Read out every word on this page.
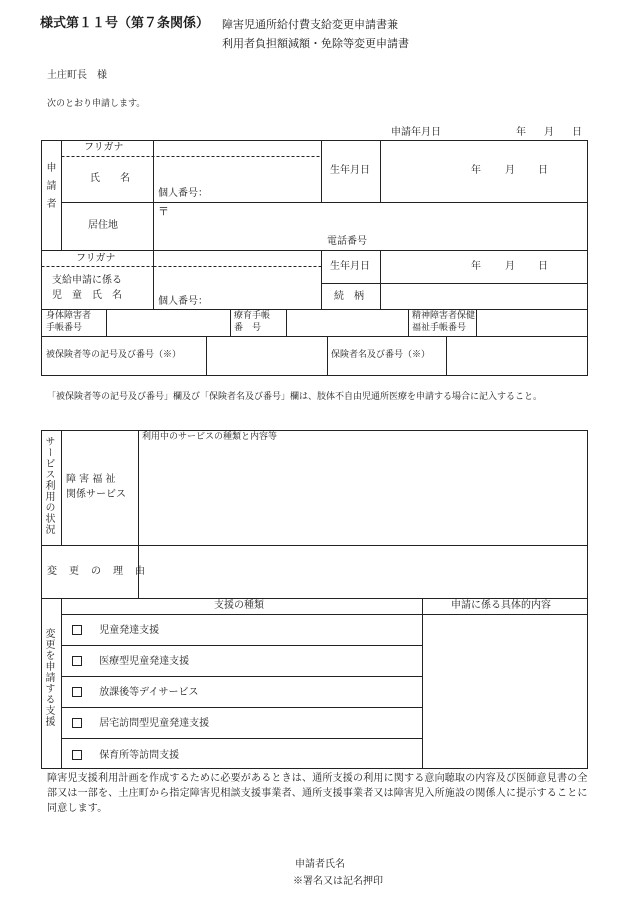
様式第１１号（第７条関係） 障害児通所給付費支給変更申請書兼
利用者負担額減額・免除等変更申請書
土庄町長　様
次のとおり申請します。
申請年月日	年 月 日
申請者
フリガナ
氏　　名
個人番号：
生年月日	年 月 日
居住地
〒
電話番号
フリガナ
支給申請に係る
児　童　氏　名
個人番号：
生年月日	年 月 日
続　柄
身体障害者
手帳番号
療育手帳
番　号
精神障害者保健
福祉手帳番号
被保険者等の記号及び番号（※）	保険者名及び番号（※）
「被保険者等の記号及び番号」欄及び「保険者名及び番号」欄は、肢体不自由児通所医療を申請する場合に記入すること。
サービス利用の状況 障 害 福 祉
関係サービス
利用中のサービスの種類と内容等
変　更　の　理　由
変更を申請する支援
支援の種類	申請に係る具体的内容
児童発達支援
医療型児童発達支援
放課後等デイサービス
居宅訪問型児童発達支援
保育所等訪問支援
障害児支援利用計画を作成するために必要があるときは、通所支援の利用に関する意向聴取の内容及び医師意見書の全部又は一部を、土庄町から指定障害児相談支援事業者、通所支援事業者又は障害児入所施設の関係人に提示することに同意します。
申請者氏名
※署名又は記名押印
